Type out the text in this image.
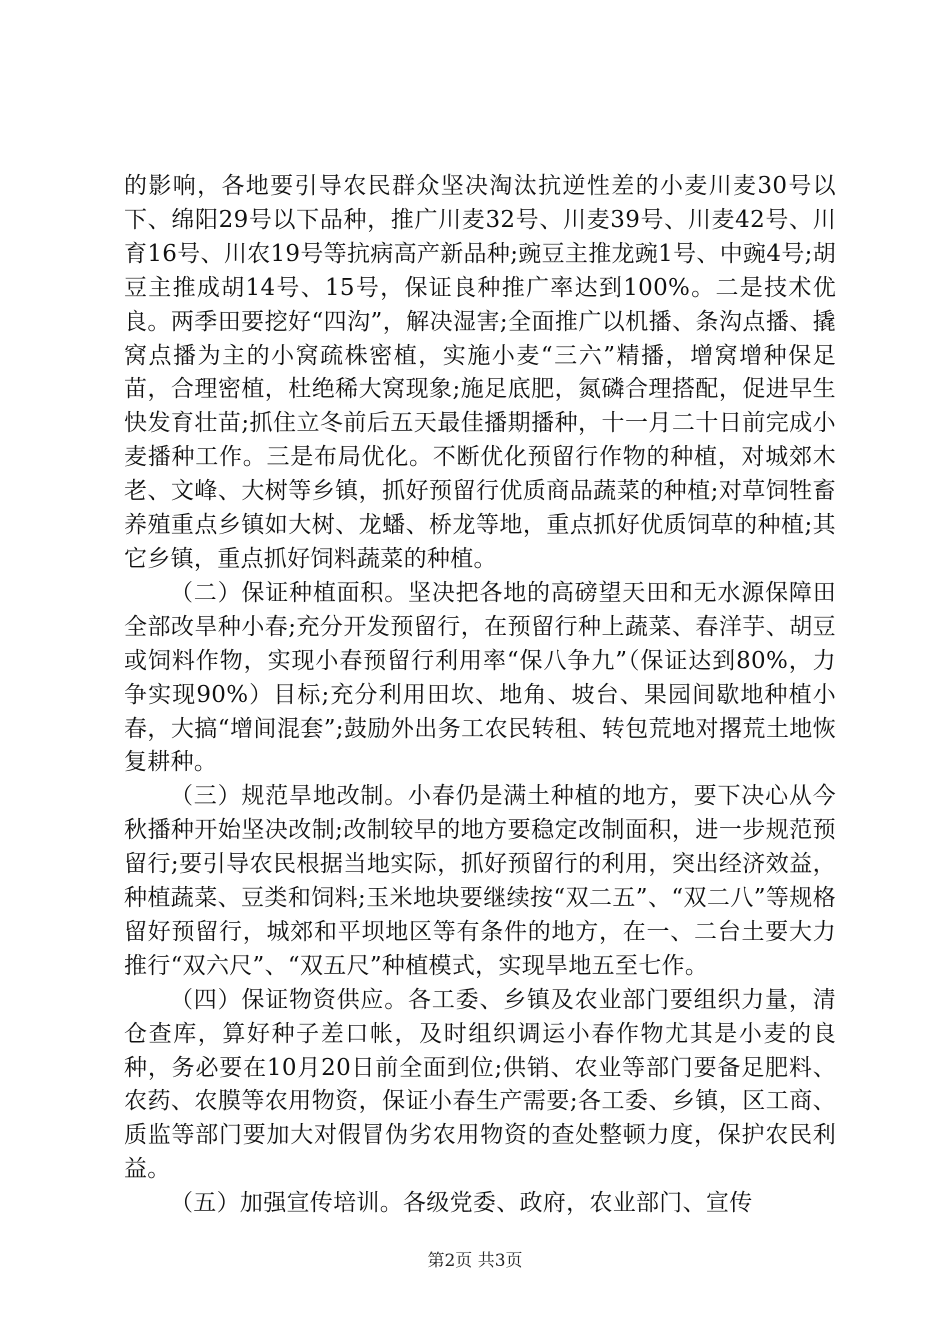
的影响，各地要引导农民群众坚决淘汰抗逆性差的小麦川麦30号以下、绵阳29号以下品种，推广川麦32号、川麦39号、川麦42号、川育16号、川农19号等抗病高产新品种;豌豆主推龙豌1号、中豌4号;胡豆主推成胡14号、15号，保证良种推广率达到100%。二是技术优良。两季田要挖好“四沟”，解决湿害;全面推广以机播、条沟点播、撬窝点播为主的小窝疏株密植，实施小麦“三六”精播，增窝增种保足苗，合理密植，杜绝稀大窝现象;施足底肥，氮磷合理搭配，促进早生快发育壮苗;抓住立冬前后五天最佳播期播种，十一月二十日前完成小麦播种工作。三是布局优化。不断优化预留行作物的种植，对城郊木老、文峰、大树等乡镇，抓好预留行优质商品蔬菜的种植;对草饲牲畜养殖重点乡镇如大树、龙蟠、桥龙等地，重点抓好优质饲草的种植;其它乡镇，重点抓好饲料蔬菜的种植。

（二）保证种植面积。坚决把各地的高磅望天田和无水源保障田全部改旱种小春;充分开发预留行，在预留行种上蔬菜、春洋芋、胡豆或饲料作物，实现小春预留行利用率“保八争九”（保证达到80%，力争实现90%）目标;充分利用田坎、地角、坡台、果园间歇地种植小春，大搞“增间混套”;鼓励外出务工农民转租、转包荒地对撂荒土地恢复耕种。

（三）规范旱地改制。小春仍是满土种植的地方，要下决心从今秋播种开始坚决改制;改制较早的地方要稳定改制面积，进一步规范预留行;要引导农民根据当地实际，抓好预留行的利用，突出经济效益，种植蔬菜、豆类和饲料;玉米地块要继续按“双二五”、“双二八”等规格留好预留行，城郊和平坝地区等有条件的地方，在一、二台土要大力推行“双六尺”、“双五尺”种植模式，实现旱地五至七作。

（四）保证物资供应。各工委、乡镇及农业部门要组织力量，清仓查库，算好种子差口帐，及时组织调运小春作物尤其是小麦的良种，务必要在10月20日前全面到位;供销、农业等部门要备足肥料、农药、农膜等农用物资，保证小春生产需要;各工委、乡镇，区工商、质监等部门要加大对假冒伪劣农用物资的查处整顿力度，保护农民利益。

（五）加强宣传培训。各级党委、政府，农业部门、宣传

第2页 共3页
